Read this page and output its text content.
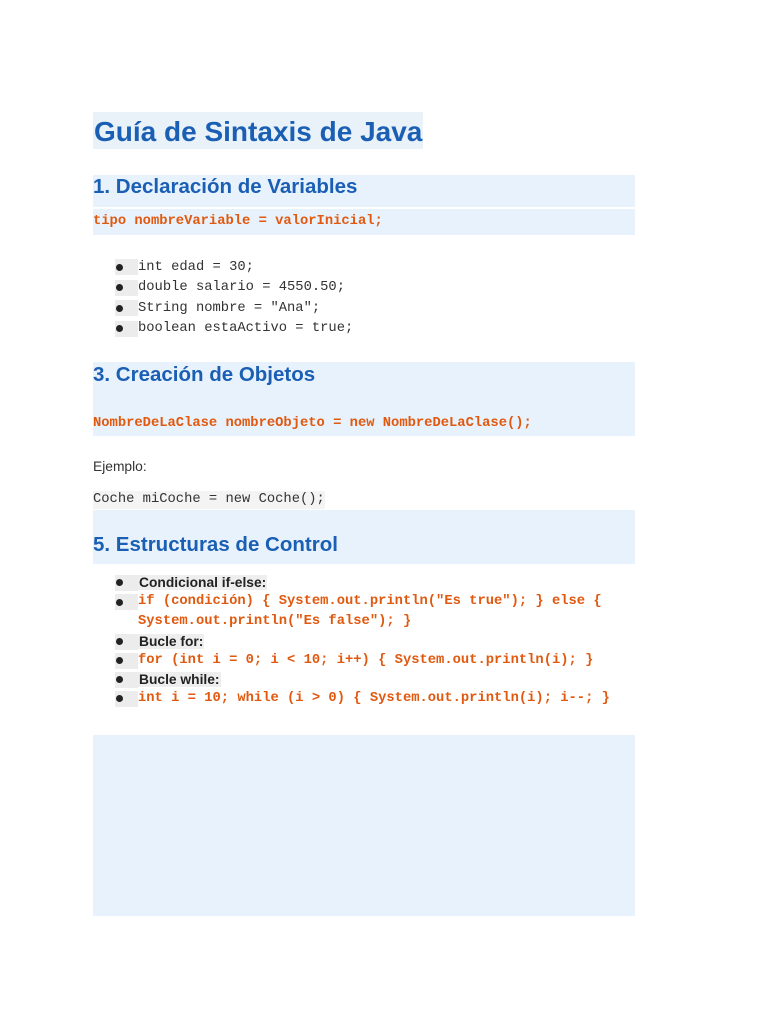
Guía de Sintaxis de Java
1. Declaración de Variables
tipo nombreVariable = valorInicial;
int edad = 30;
double salario = 4550.50;
String nombre = "Ana";
boolean estaActivo = true;
3. Creación de Objetos
NombreDeLaClase nombreObjeto = new NombreDeLaClase();
Ejemplo:
Coche miCoche = new Coche();
5. Estructuras de Control
Condicional if-else:
if (condición) { System.out.println("Es true"); } else {
System.out.println("Es false"); }
Bucle for:
for (int i = 0; i < 10; i++) { System.out.println(i); }
Bucle while:
int i = 10; while (i > 0) { System.out.println(i); i--; }
